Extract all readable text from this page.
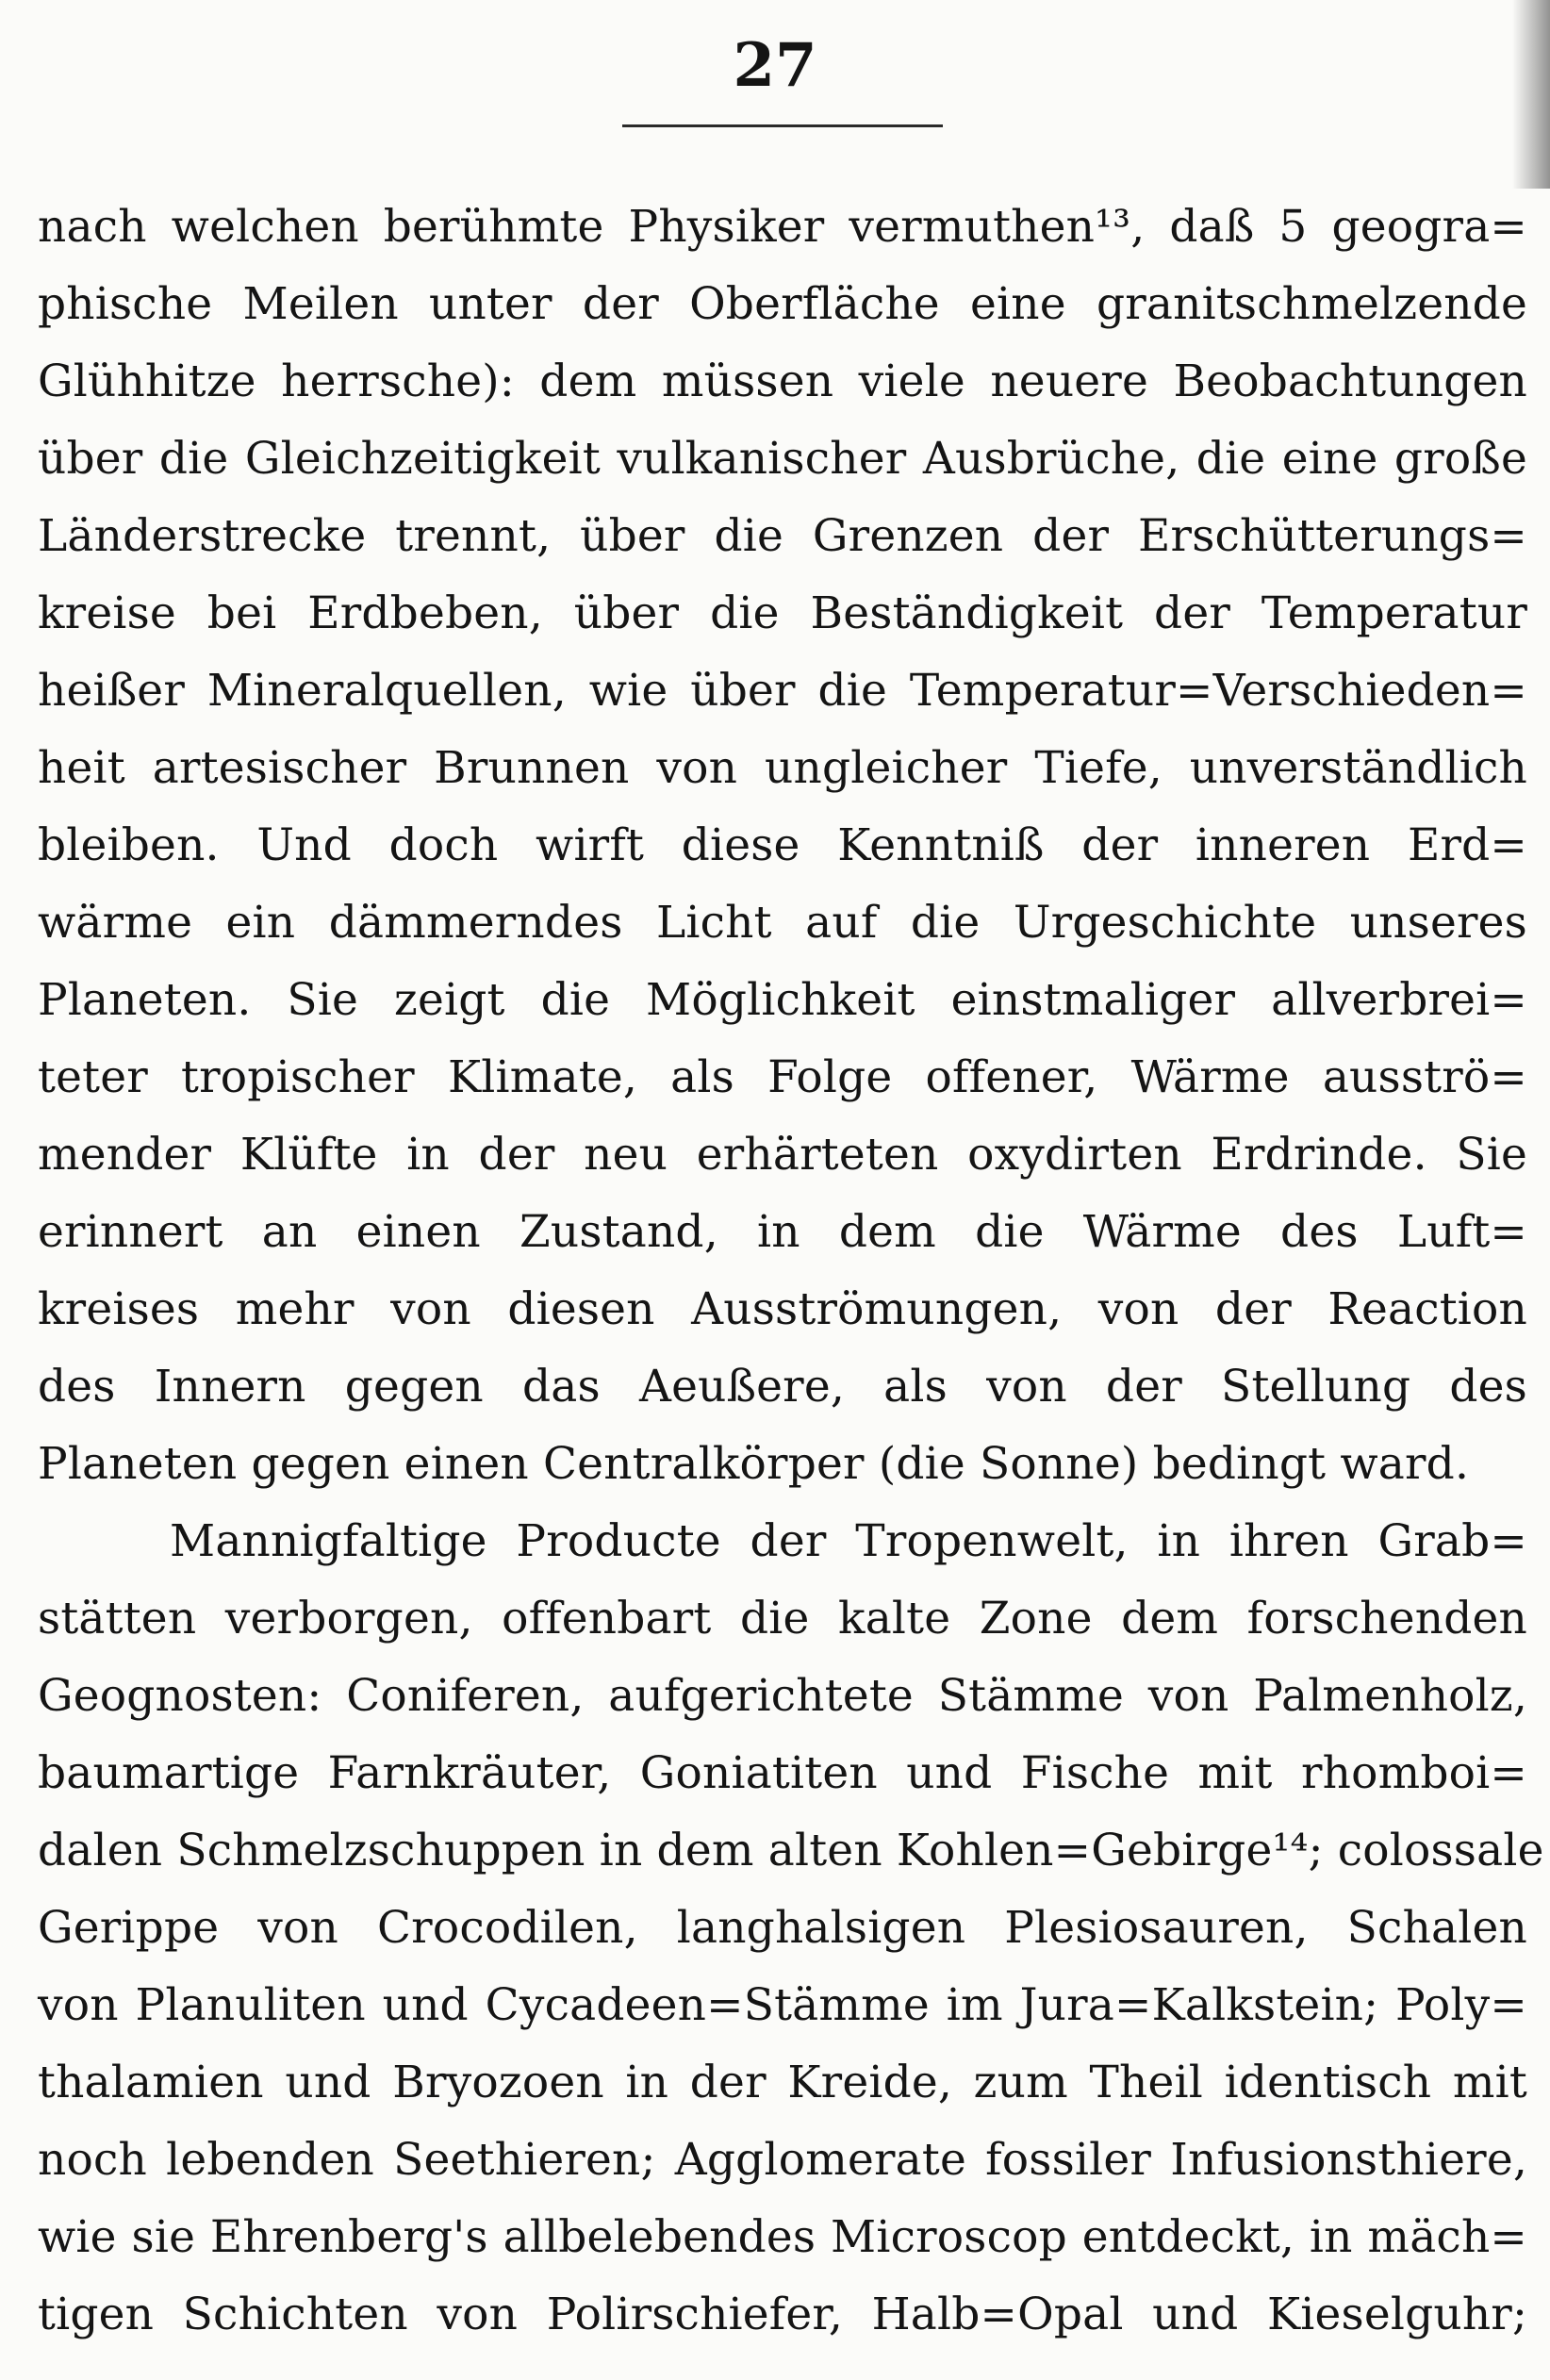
27
nach welchen berühmte Physiker vermuthen¹³, daß 5 geogra=
phische Meilen unter der Oberfläche eine granitschmelzende
Glühhitze herrsche): dem müssen viele neuere Beobachtungen
über die Gleichzeitigkeit vulkanischer Ausbrüche, die eine große
Länderstrecke trennt, über die Grenzen der Erschütterungs=
kreise bei Erdbeben, über die Beständigkeit der Temperatur
heißer Mineralquellen, wie über die Temperatur=Verschieden=
heit artesischer Brunnen von ungleicher Tiefe, unverständlich
bleiben. Und doch wirft diese Kenntniß der inneren Erd=
wärme ein dämmerndes Licht auf die Urgeschichte unseres
Planeten. Sie zeigt die Möglichkeit einstmaliger allverbrei=
teter tropischer Klimate, als Folge offener, Wärme ausströ=
mender Klüfte in der neu erhärteten oxydirten Erdrinde. Sie
erinnert an einen Zustand, in dem die Wärme des Luft=
kreises mehr von diesen Ausströmungen, von der Reaction
des Innern gegen das Aeußere, als von der Stellung des
Planeten gegen einen Centralkörper (die Sonne) bedingt ward.
Mannigfaltige Producte der Tropenwelt, in ihren Grab=
stätten verborgen, offenbart die kalte Zone dem forschenden
Geognosten: Coniferen, aufgerichtete Stämme von Palmenholz,
baumartige Farnkräuter, Goniatiten und Fische mit rhomboi=
dalen Schmelzschuppen in dem alten Kohlen=Gebirge¹⁴; colossale
Gerippe von Crocodilen, langhalsigen Plesiosauren, Schalen
von Planuliten und Cycadeen=Stämme im Jura=Kalkstein; Poly=
thalamien und Bryozoen in der Kreide, zum Theil identisch mit
noch lebenden Seethieren; Agglomerate fossiler Infusionsthiere,
wie sie Ehrenberg's allbelebendes Microscop entdeckt, in mäch=
tigen Schichten von Polirschiefer, Halb=Opal und Kieselguhr;
